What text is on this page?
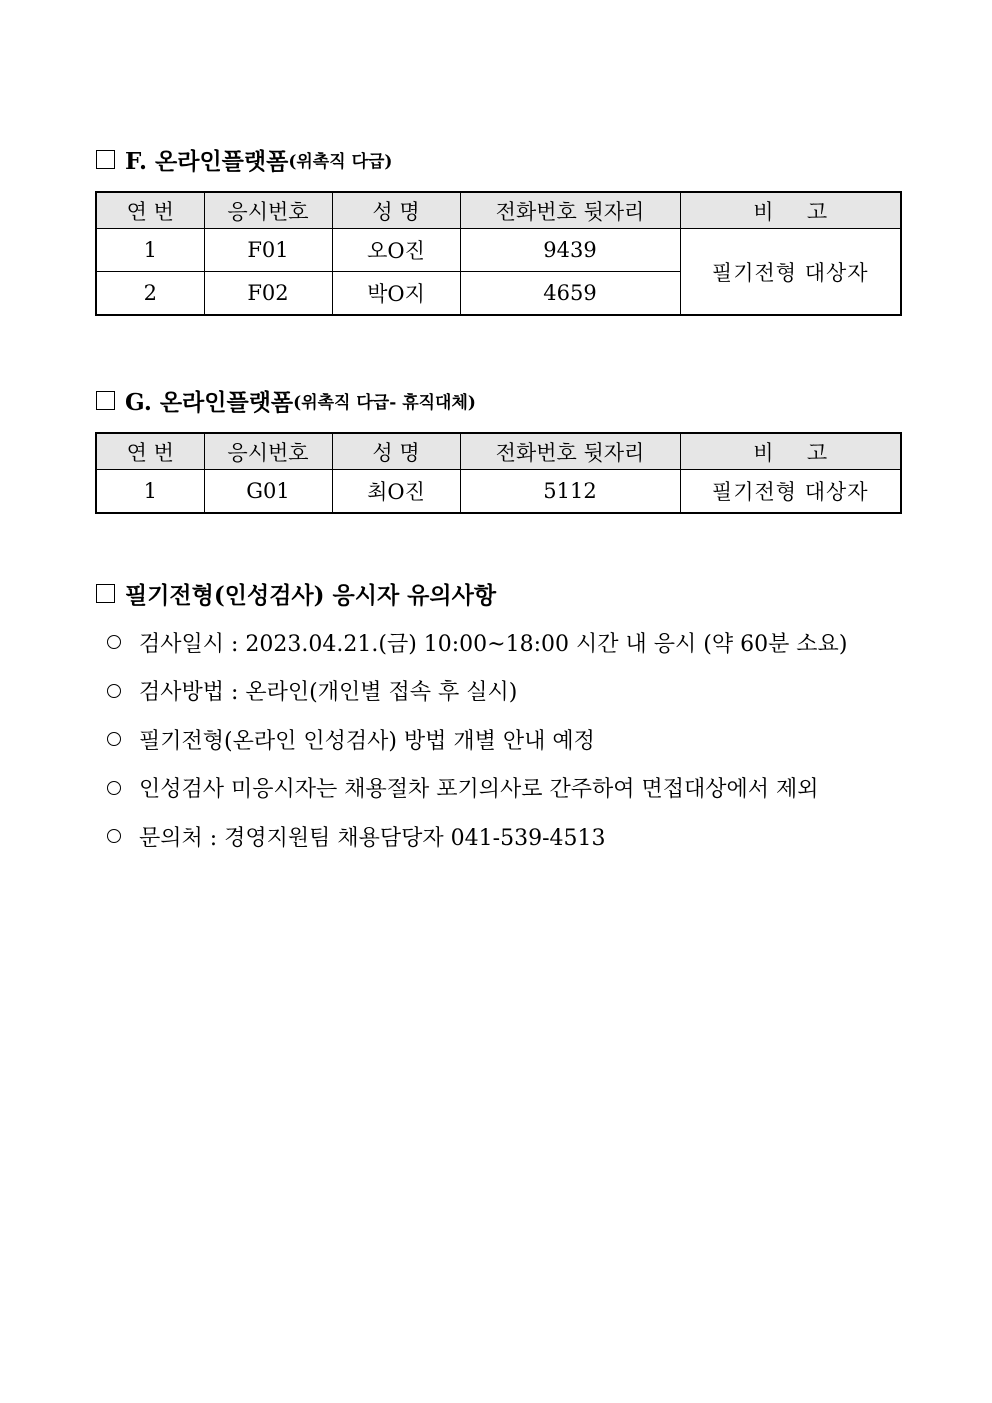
F. 온라인플랫폼 (위촉직 다급)
연 번	응시번호	성 명	전화번호 뒷자리	비     고
1	F01	오O진	9439	필기전형 대상자
2	F02	박O지	4659	
G. 온라인플랫폼 (위촉직 다급- 휴직대체)
연 번	응시번호	성 명	전화번호 뒷자리	비     고
1	G01	최O진	5112	필기전형 대상자
필기전형(인성검사) 응시자 유의사항
검사일시 : 2023.04.21.(금) 10:00~18:00 시간 내 응시 (약 60분 소요)
검사방법 : 온라인(개인별 접속 후 실시)
필기전형(온라인 인성검사) 방법 개별 안내 예정
인성검사 미응시자는 채용절차 포기의사로 간주하여 면접대상에서 제외
문의처 : 경영지원팀 채용담당자 041-539-4513
